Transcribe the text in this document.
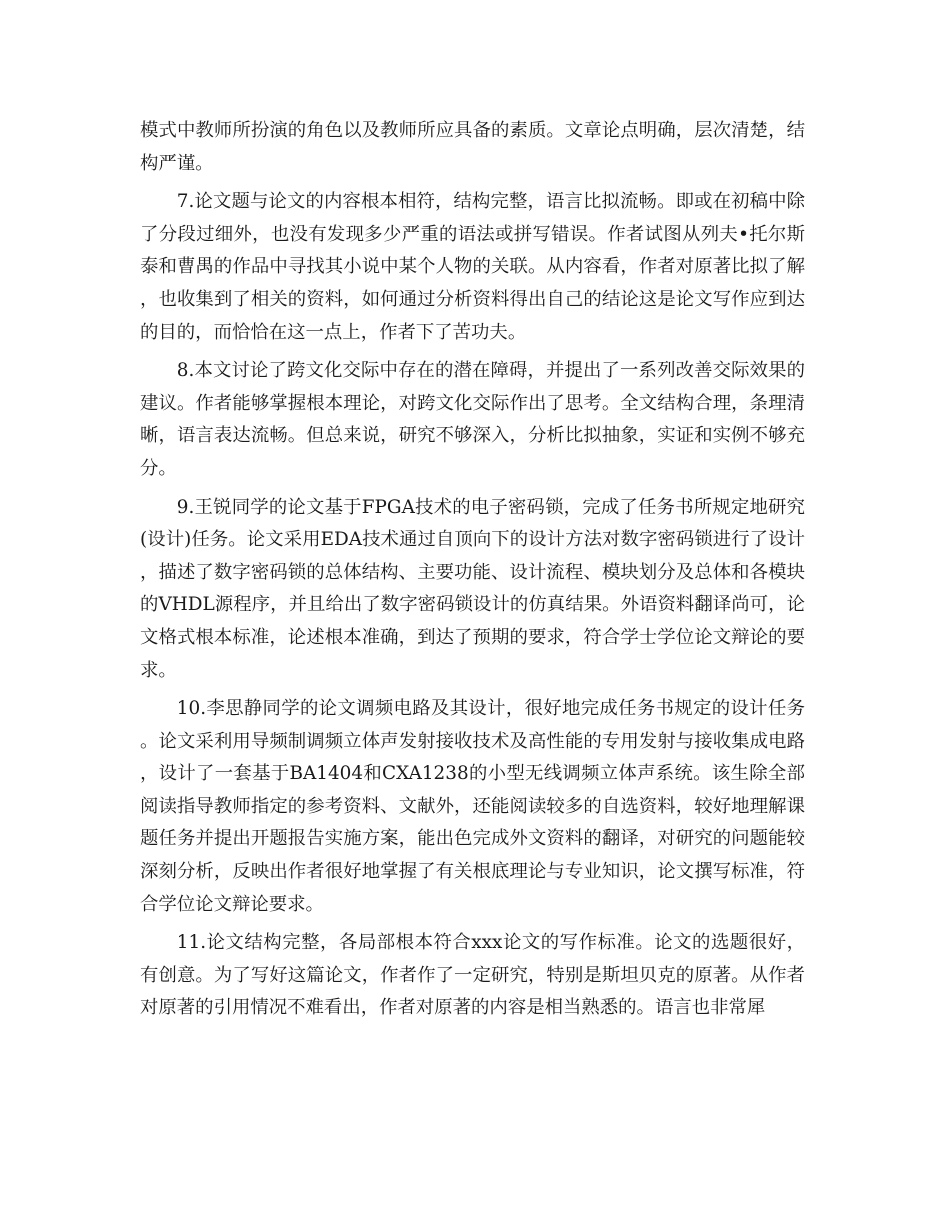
模式中教师所扮演的角色以及教师所应具备的素质。文章论点明确，层次清楚，结构严谨。

7.论文题与论文的内容根本相符，结构完整，语言比拟流畅。即或在初稿中除了分段过细外，也没有发现多少严重的语法或拼写错误。作者试图从列夫•托尔斯泰和曹禺的作品中寻找其小说中某个人物的关联。从内容看，作者对原著比拟了解，也收集到了相关的资料，如何通过分析资料得出自己的结论这是论文写作应到达的目的，而恰恰在这一点上，作者下了苦功夫。

8.本文讨论了跨文化交际中存在的潜在障碍，并提出了一系列改善交际效果的建议。作者能够掌握根本理论，对跨文化交际作出了思考。全文结构合理，条理清晰，语言表达流畅。但总来说，研究不够深入，分析比拟抽象，实证和实例不够充分。

9.王锐同学的论文基于FPGA技术的电子密码锁，完成了任务书所规定地研究(设计)任务。论文采用EDA技术通过自顶向下的设计方法对数字密码锁进行了设计，描述了数字密码锁的总体结构、主要功能、设计流程、模块划分及总体和各模块的VHDL源程序，并且给出了数字密码锁设计的仿真结果。外语资料翻译尚可，论文格式根本标准，论述根本准确，到达了预期的要求，符合学士学位论文辩论的要求。

10.李思静同学的论文调频电路及其设计，很好地完成任务书规定的设计任务。论文采利用导频制调频立体声发射接收技术及高性能的专用发射与接收集成电路，设计了一套基于BA1404和CXA1238的小型无线调频立体声系统。该生除全部阅读指导教师指定的参考资料、文献外，还能阅读较多的自选资料，较好地理解课题任务并提出开题报告实施方案，能出色完成外文资料的翻译，对研究的问题能较深刻分析，反映出作者很好地掌握了有关根底理论与专业知识，论文撰写标准，符合学位论文辩论要求。

11.论文结构完整，各局部根本符合xxx论文的写作标准。论文的选题很好，有创意。为了写好这篇论文，作者作了一定研究，特别是斯坦贝克的原著。从作者对原著的引用情况不难看出，作者对原著的内容是相当熟悉的。语言也非常犀
